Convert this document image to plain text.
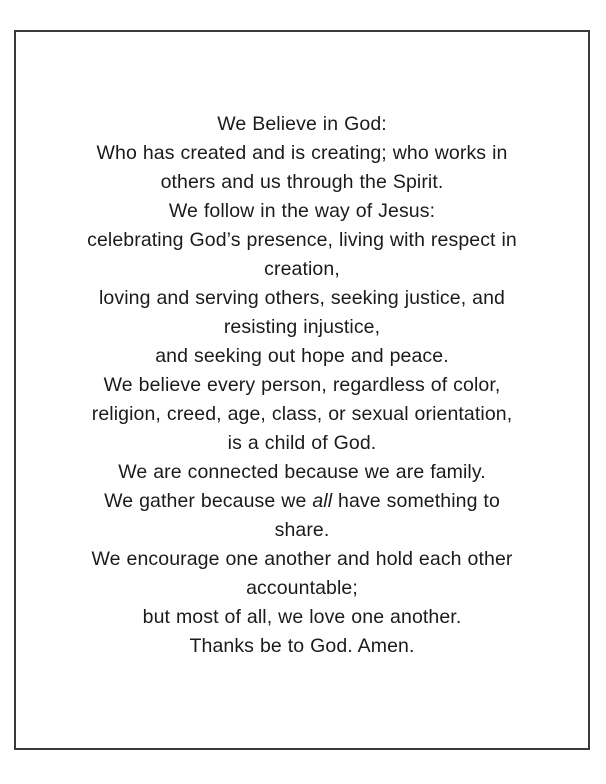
We Believe in God:
Who has created and is creating; who works in
others and us through the Spirit.
We follow in the way of Jesus:
celebrating God’s presence, living with respect in
creation,
loving and serving others, seeking justice, and
resisting injustice,
and seeking out hope and peace.
We believe every person, regardless of color,
religion, creed, age, class, or sexual orientation,
is a child of God.
We are connected because we are family.
We gather because we all have something to
share.
We encourage one another and hold each other
accountable;
but most of all, we love one another.
Thanks be to God. Amen.
